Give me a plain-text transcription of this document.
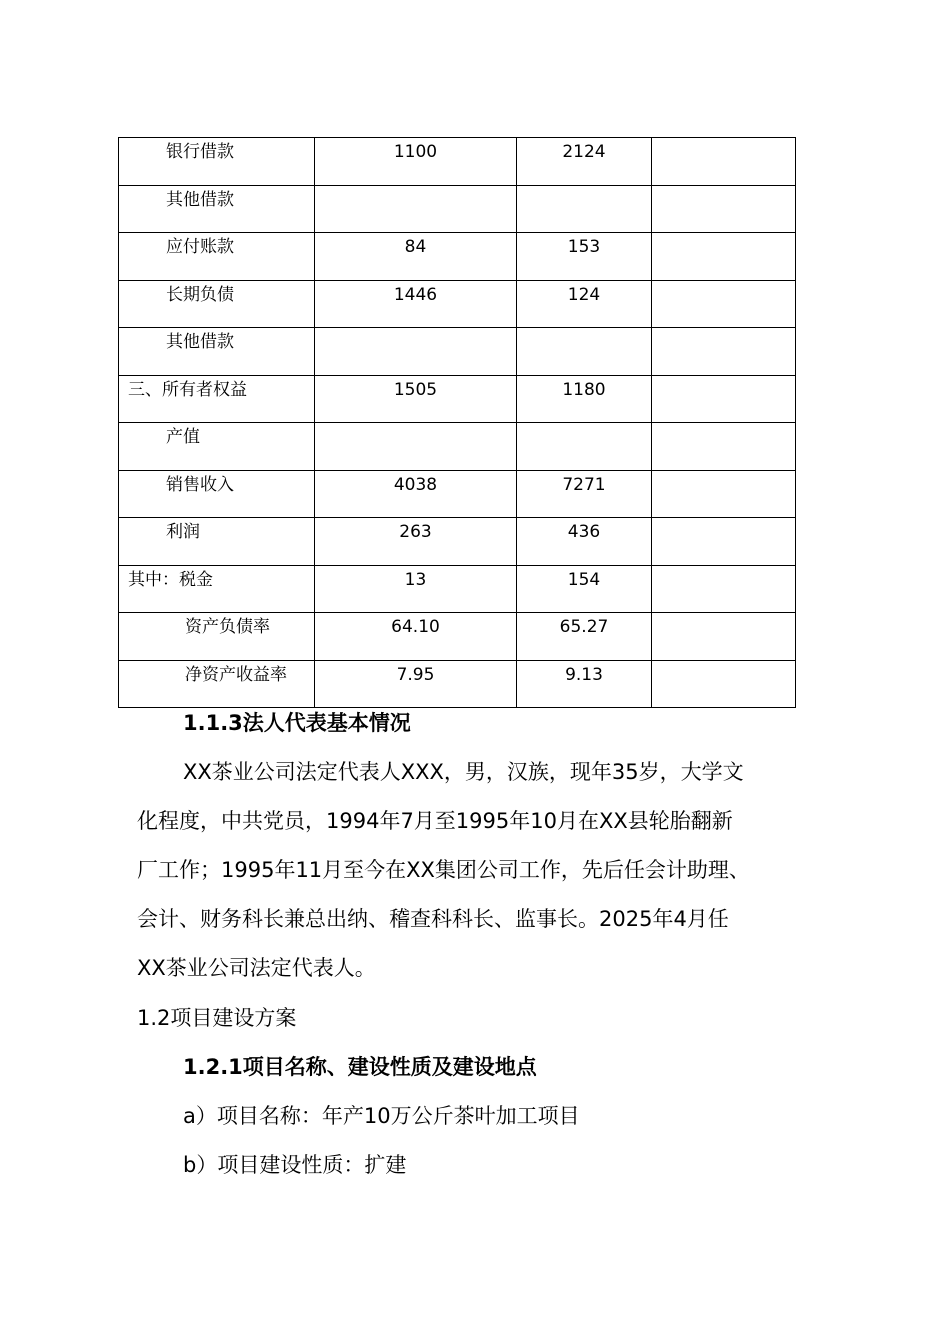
银行借款	1100	2124	

其他借款			

应付账款	84	153	

长期负债	1446	124	

其他借款			

三、所有者权益	1505	1180	

产值			

销售收入	4038	7271	

利润	263	436	

其中：税金	13	154	

资产负债率	64.10	65.27	

净资产收益率	7.95	9.13	

1.1.3法人代表基本情况
XX茶业公司法定代表人XXX，男，汉族，现年35岁，大学文
化程度，中共党员，1994年7月至1995年10月在XX县轮胎翻新
厂工作；1995年11月至今在XX集团公司工作，先后任会计助理、
会计、财务科长兼总出纳、稽查科科长、监事长。2025年4月任
XX茶业公司法定代表人。
1.2项目建设方案
1.2.1项目名称、建设性质及建设地点
a）项目名称：年产10万公斤茶叶加工项目
b）项目建设性质：扩建
